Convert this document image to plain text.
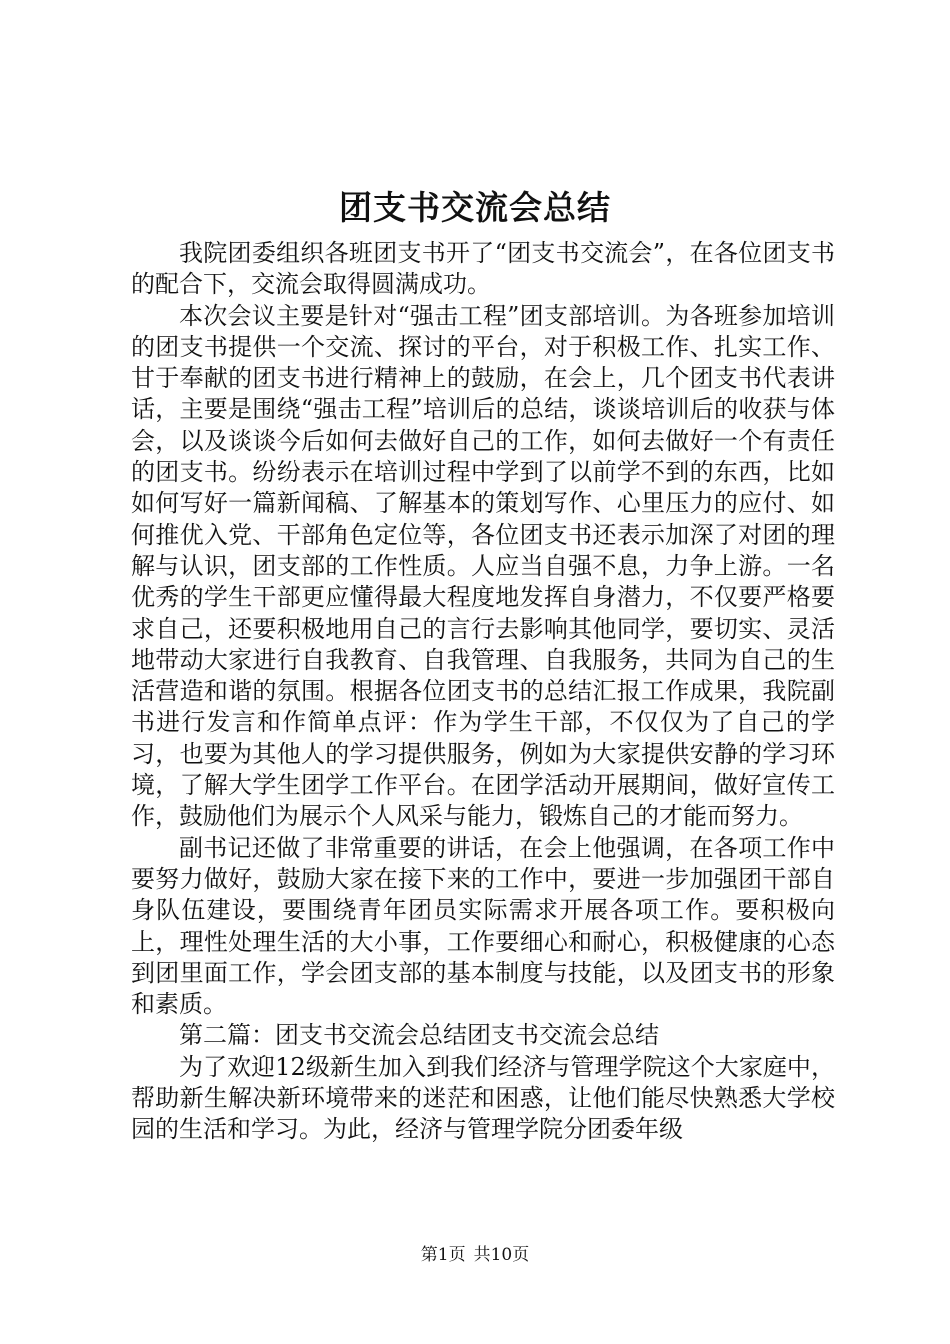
团支书交流会总结

我院团委组织各班团支书开了“团支书交流会”，在各位团支书的配合下，交流会取得圆满成功。

本次会议主要是针对“强击工程”团支部培训。为各班参加培训的团支书提供一个交流、探讨的平台，对于积极工作、扎实工作、甘于奉献的团支书进行精神上的鼓励，在会上，几个团支书代表讲话，主要是围绕“强击工程”培训后的总结，谈谈培训后的收获与体会，以及谈谈今后如何去做好自己的工作，如何去做好一个有责任的团支书。纷纷表示在培训过程中学到了以前学不到的东西，比如如何写好一篇新闻稿、了解基本的策划写作、心里压力的应付、如何推优入党、干部角色定位等，各位团支书还表示加深了对团的理解与认识，团支部的工作性质。人应当自强不息，力争上游。一名优秀的学生干部更应懂得最大程度地发挥自身潜力，不仅要严格要求自己，还要积极地用自己的言行去影响其他同学，要切实、灵活地带动大家进行自我教育、自我管理、自我服务，共同为自己的生活营造和谐的氛围。根据各位团支书的总结汇报工作成果，我院副书进行发言和作简单点评：作为学生干部，不仅仅为了自己的学习，也要为其他人的学习提供服务，例如为大家提供安静的学习环境，了解大学生团学工作平台。在团学活动开展期间，做好宣传工作，鼓励他们为展示个人风采与能力，锻炼自己的才能而努力。

副书记还做了非常重要的讲话，在会上他强调，在各项工作中要努力做好，鼓励大家在接下来的工作中，要进一步加强团干部自身队伍建设，要围绕青年团员实际需求开展各项工作。要积极向上，理性处理生活的大小事，工作要细心和耐心，积极健康的心态到团里面工作，学会团支部的基本制度与技能，以及团支书的形象和素质。

第二篇：团支书交流会总结团支书交流会总结

为了欢迎12级新生加入到我们经济与管理学院这个大家庭中，帮助新生解决新环境带来的迷茫和困惑，让他们能尽快熟悉大学校园的生活和学习。为此，经济与管理学院分团委年级

第1页 共10页
